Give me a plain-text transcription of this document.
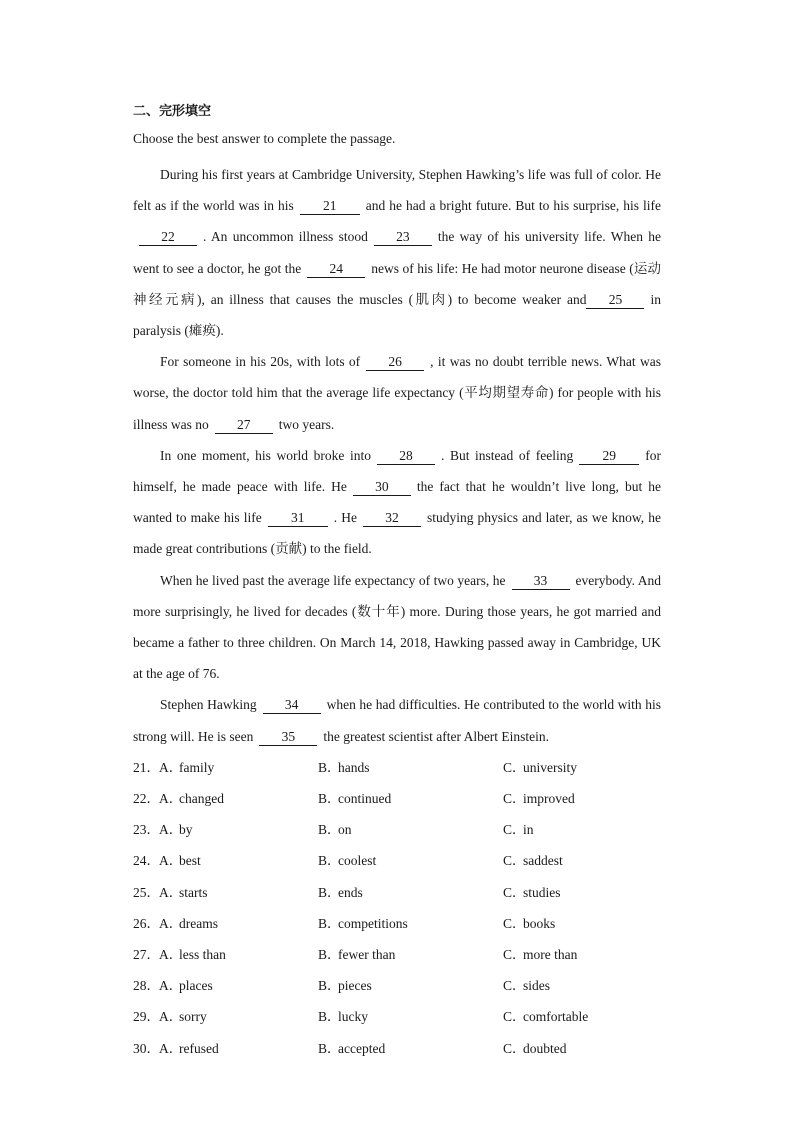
二、完形填空
Choose the best answer to complete the passage.

During his first years at Cambridge University, Stephen Hawking’s life was full of color. He felt as if the world was in his 21 and he had a bright future. But to his surprise, his life22 . An uncommon illness stood 23 the way of his university life. When he went to see a doctor, he got the 24 news of his life: He had motor neurone disease (运动神经元病), an illness that causes the muscles (肌肉) to become weaker and 25 in paralysis (瘫痪).

For someone in his 20s, with lots of 26 , it was no doubt terrible news. What was worse, the doctor told him that the average life expectancy (平均期望寿命) for people with his illness was no 27 two years.

In one moment, his world broke into 28 . But instead of feeling 29 for himself, he made peace with life. He 30 the fact that he wouldn’t live long, but he wanted to make his life 31 . He 32 studying physics and later, as we know, he made great contributions (贡献) to the field.

When he lived past the average life expectancy of two years, he 33 everybody. And more surprisingly, he lived for decades (数十年) more. During those years, he got married and became a father to three children. On March 14, 2018, Hawking passed away in Cambridge, UK at the age of 76.

Stephen Hawking 34 when he had difficulties. He contributed to the world with his strong will. He is seen 35 the greatest scientist after Albert Einstein.

21．A．family	B．hands	C．university
22．A．changed	B．continued	C．improved
23．A．by	B．on	C．in
24．A．best	B．coolest	C．saddest
25．A．starts	B．ends	C．studies
26．A．dreams	B．competitions	C．books
27．A．less than	B．fewer than	C．more than
28．A．places	B．pieces	C．sides
29．A．sorry	B．lucky	C．comfortable
30．A．refused	B．accepted	C．doubted
